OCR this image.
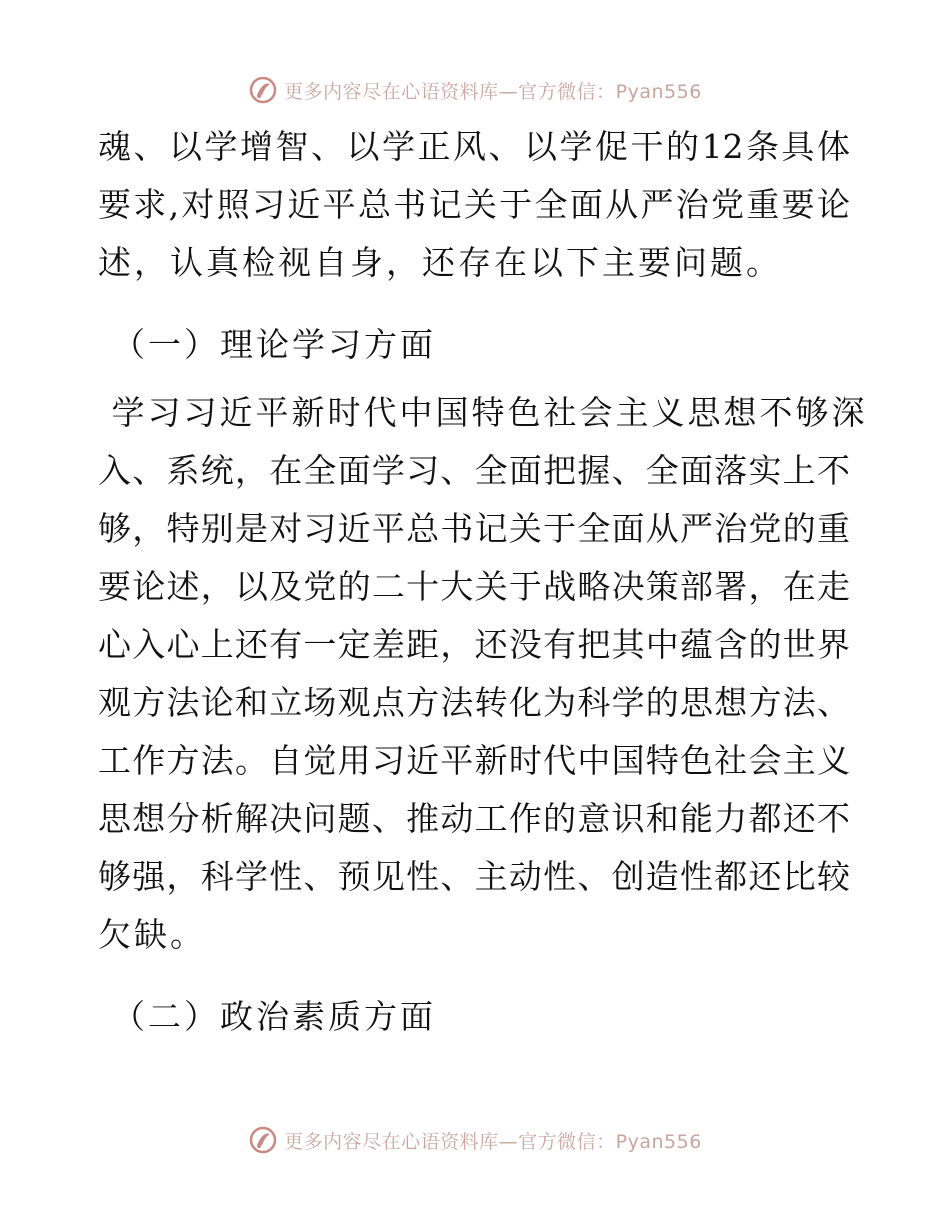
更多内容尽在心语资料库—官方微信：Pyan556
魂、以学增智、以学正风、以学促干的12条具体
要求,对照习近平总书记关于全面从严治党重要论
述，认真检视自身，还存在以下主要问题。
（一）理论学习方面
学习习近平新时代中国特色社会主义思想不够深
入、系统，在全面学习、全面把握、全面落实上不
够，特别是对习近平总书记关于全面从严治党的重
要论述，以及党的二十大关于战略决策部署，在走
心入心上还有一定差距，还没有把其中蕴含的世界
观方法论和立场观点方法转化为科学的思想方法、
工作方法。自觉用习近平新时代中国特色社会主义
思想分析解决问题、推动工作的意识和能力都还不
够强，科学性、预见性、主动性、创造性都还比较
欠缺。
（二）政治素质方面
更多内容尽在心语资料库—官方微信：Pyan556
